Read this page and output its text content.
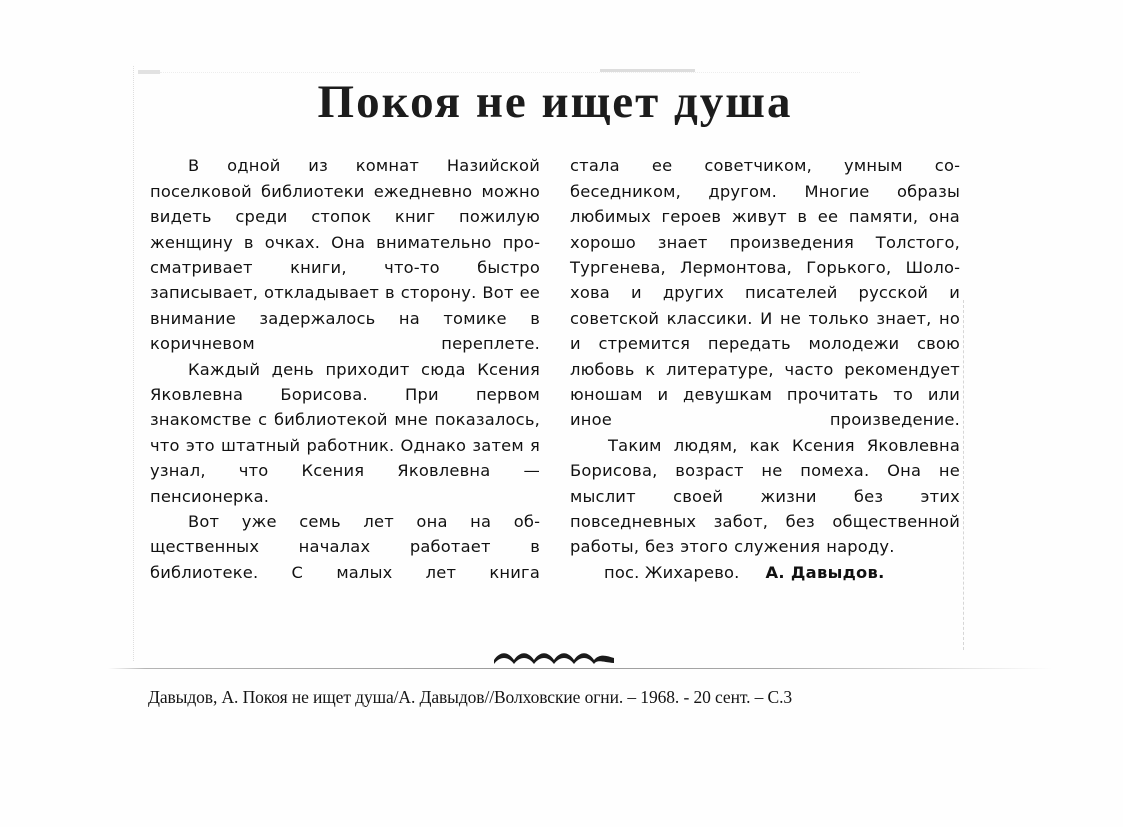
Покоя не ищет душа

В одной из комнат Назийской поселковой библиотеки ежедневно можно видеть среди стопок книг пожилую женщину в очках. Она внимательно просматривает книги, что-то быстро записывает, откладывает в сторону. Вот ее внимание задержалось на томике в коричневом переплете.

Каждый день приходит сюда Ксения Яковлевна Борисова. При первом знакомстве с библиотекой мне показалось, что это штатный работник. Однако затем я узнал, что Ксения Яковлевна — пенсионерка.

Вот уже семь лет она на общественных началах работает в библиотеке. С малых лет книга

стала ее советчиком, умным собеседником, другом. Многие образы любимых героев живут в ее памяти, она хорошо знает произведения Толстого, Тургенева, Лермонтова, Горького, Шолохова и других писателей русской и советской классики. И не только знает, но и стремится передать молодежи свою любовь к литературе, часто рекомендует юношам и девушкам прочитать то или иное произведение.

Таким людям, как Ксения Яковлевна Борисова, возраст не помеха. Она не мыслит своей жизни без этих повседневных забот, без общественной работы, без этого служения народу.

пос. Жихарево. А. Давыдов.

Давыдов, А. Покоя не ищет душа/А. Давыдов//Волховские огни. – 1968. - 20 сент. – С.3
